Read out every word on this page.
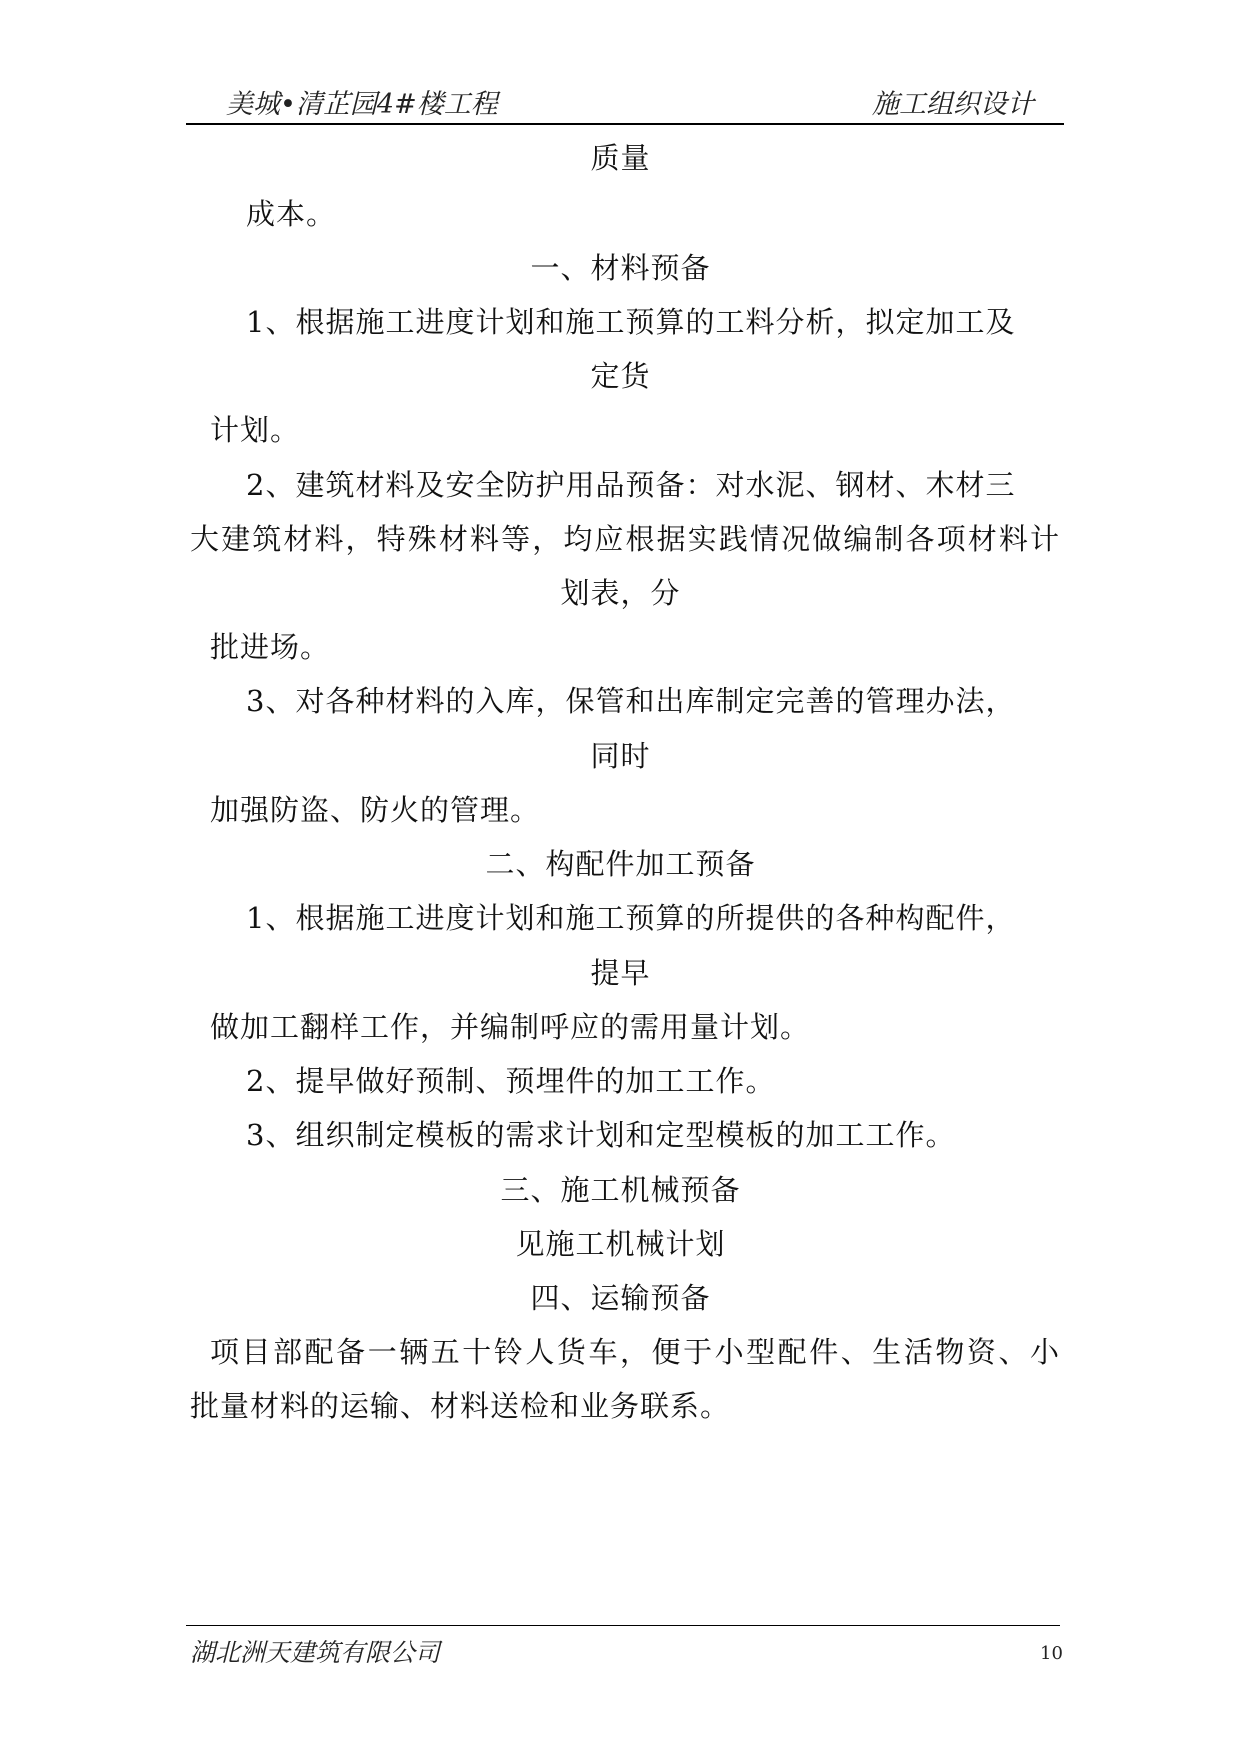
美城•清芷园4#楼工程	施工组织设计
质量
成本。
一、材料预备
1、根据施工进度计划和施工预算的工料分析，拟定加工及
定货
计划。
2、建筑材料及安全防护用品预备：对水泥、钢材、木材三
大建筑材料，特殊材料等，均应根据实践情况做编制各项材料计
划表，分
批进场。
3、对各种材料的入库，保管和出库制定完善的管理办法，
同时
加强防盗、防火的管理。
二、构配件加工预备
1、根据施工进度计划和施工预算的所提供的各种构配件，
提早
做加工翻样工作，并编制呼应的需用量计划。
2、提早做好预制、预埋件的加工工作。
3、组织制定模板的需求计划和定型模板的加工工作。
三、施工机械预备
见施工机械计划
四、运输预备
项目部配备一辆五十铃人货车，便于小型配件、生活物资、小
批量材料的运输、材料送检和业务联系。
湖北洲天建筑有限公司	10
